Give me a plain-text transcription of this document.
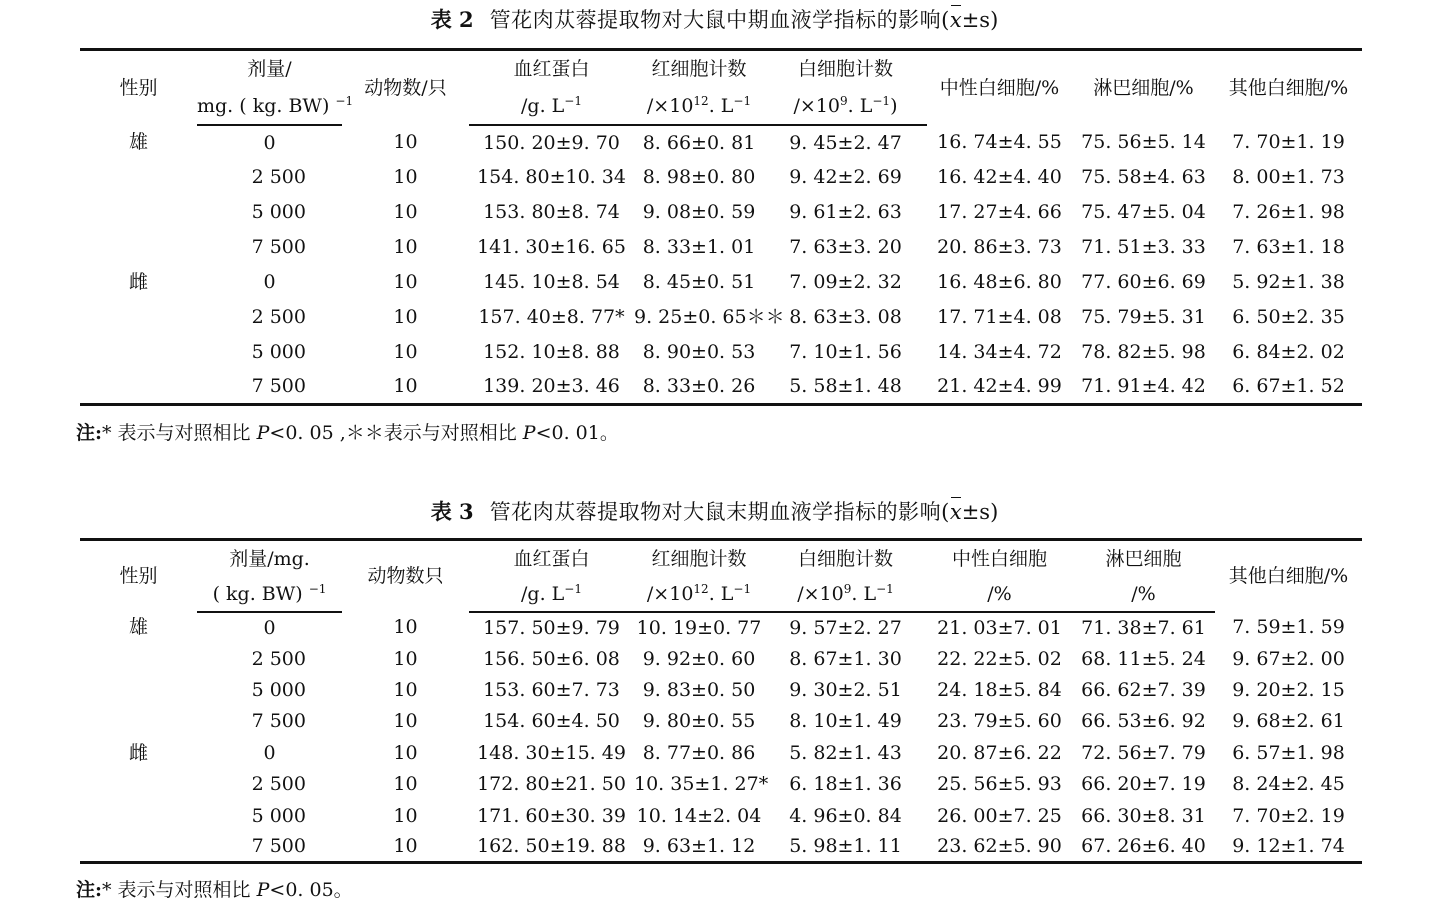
表 2 管花肉苁蓉提取物对大鼠中期血液学指标的影响(x±s)
性别	剂量/	动物数/只	血红蛋白	红细胞计数	白细胞计数	中性白细胞/%	淋巴细胞/%	其他白细胞/%
	mg. ( kg. BW) $^{-1}$		/g. $L^{-1}$	$/\times 10^{12}$. $L^{-1}$	$/\times 10^9$. $L^{-1}$)			
雄	0	10	150. 20±9. 70	8. 66±0. 81	9. 45±2. 47	16. 74±4. 55	75. 56±5. 14	7. 70±1. 19
	2 500	10	154. 80±10. 34	8. 98±0. 80	9. 42±2. 69	16. 42±4. 40	75. 58±4. 63	8. 00±1. 73
	5 000	10	153. 80±8. 74	9. 08±0. 59	9. 61±2. 63	17. 27±4. 66	75. 47±5. 04	7. 26±1. 98
	7 500	10	141. 30±16. 65	8. 33±1. 01	7. 63±3. 20	20. 86±3. 73	71. 51±3. 33	7. 63±1. 18
雌	0	10	145. 10±8. 54	8. 45±0. 51	7. 09±2. 32	16. 48±6. 80	77. 60±6. 69	5. 92±1. 38
	2 500	10	157. 40±8. 77*	9. 25±0. 65＊＊	8. 63±3. 08	17. 71±4. 08	75. 79±5. 31	6. 50±2. 35
	5 000	10	152. 10±8. 88	8. 90±0. 53	7. 10±1. 56	14. 34±4. 72	78. 82±5. 98	6. 84±2. 02
	7 500	10	139. 20±3. 46	8. 33±0. 26	5. 58±1. 48	21. 42±4. 99	71. 91±4. 42	6. 67±1. 52
注:* 表示与对照相比 P<0. 05 ,＊＊表示与对照相比 P<0. 01。
表 3 管花肉苁蓉提取物对大鼠末期血液学指标的影响(x±s)
性别	剂量/mg.	动物数只	血红蛋白	红细胞计数	白细胞计数	中性白细胞	淋巴细胞	其他白细胞/%
	( kg. BW) $^{-1}$		/g. $L^{-1}$	$/\times 10^{12}$. $L^{-1}$	$/\times 10^9$. $L^{-1}$	/%	/%	
雄	0	10	157. 50±9. 79	10. 19±0. 77	9. 57±2. 27	21. 03±7. 01	71. 38±7. 61	7. 59±1. 59
	2 500	10	156. 50±6. 08	9. 92±0. 60	8. 67±1. 30	22. 22±5. 02	68. 11±5. 24	9. 67±2. 00
	5 000	10	153. 60±7. 73	9. 83±0. 50	9. 30±2. 51	24. 18±5. 84	66. 62±7. 39	9. 20±2. 15
	7 500	10	154. 60±4. 50	9. 80±0. 55	8. 10±1. 49	23. 79±5. 60	66. 53±6. 92	9. 68±2. 61
雌	0	10	148. 30±15. 49	8. 77±0. 86	5. 82±1. 43	20. 87±6. 22	72. 56±7. 79	6. 57±1. 98
	2 500	10	172. 80±21. 50	10. 35±1. 27*	6. 18±1. 36	25. 56±5. 93	66. 20±7. 19	8. 24±2. 45
	5 000	10	171. 60±30. 39	10. 14±2. 04	4. 96±0. 84	26. 00±7. 25	66. 30±8. 31	7. 70±2. 19
	7 500	10	162. 50±19. 88	9. 63±1. 12	5. 98±1. 11	23. 62±5. 90	67. 26±6. 40	9. 12±1. 74
注:* 表示与对照相比 P<0. 05。
